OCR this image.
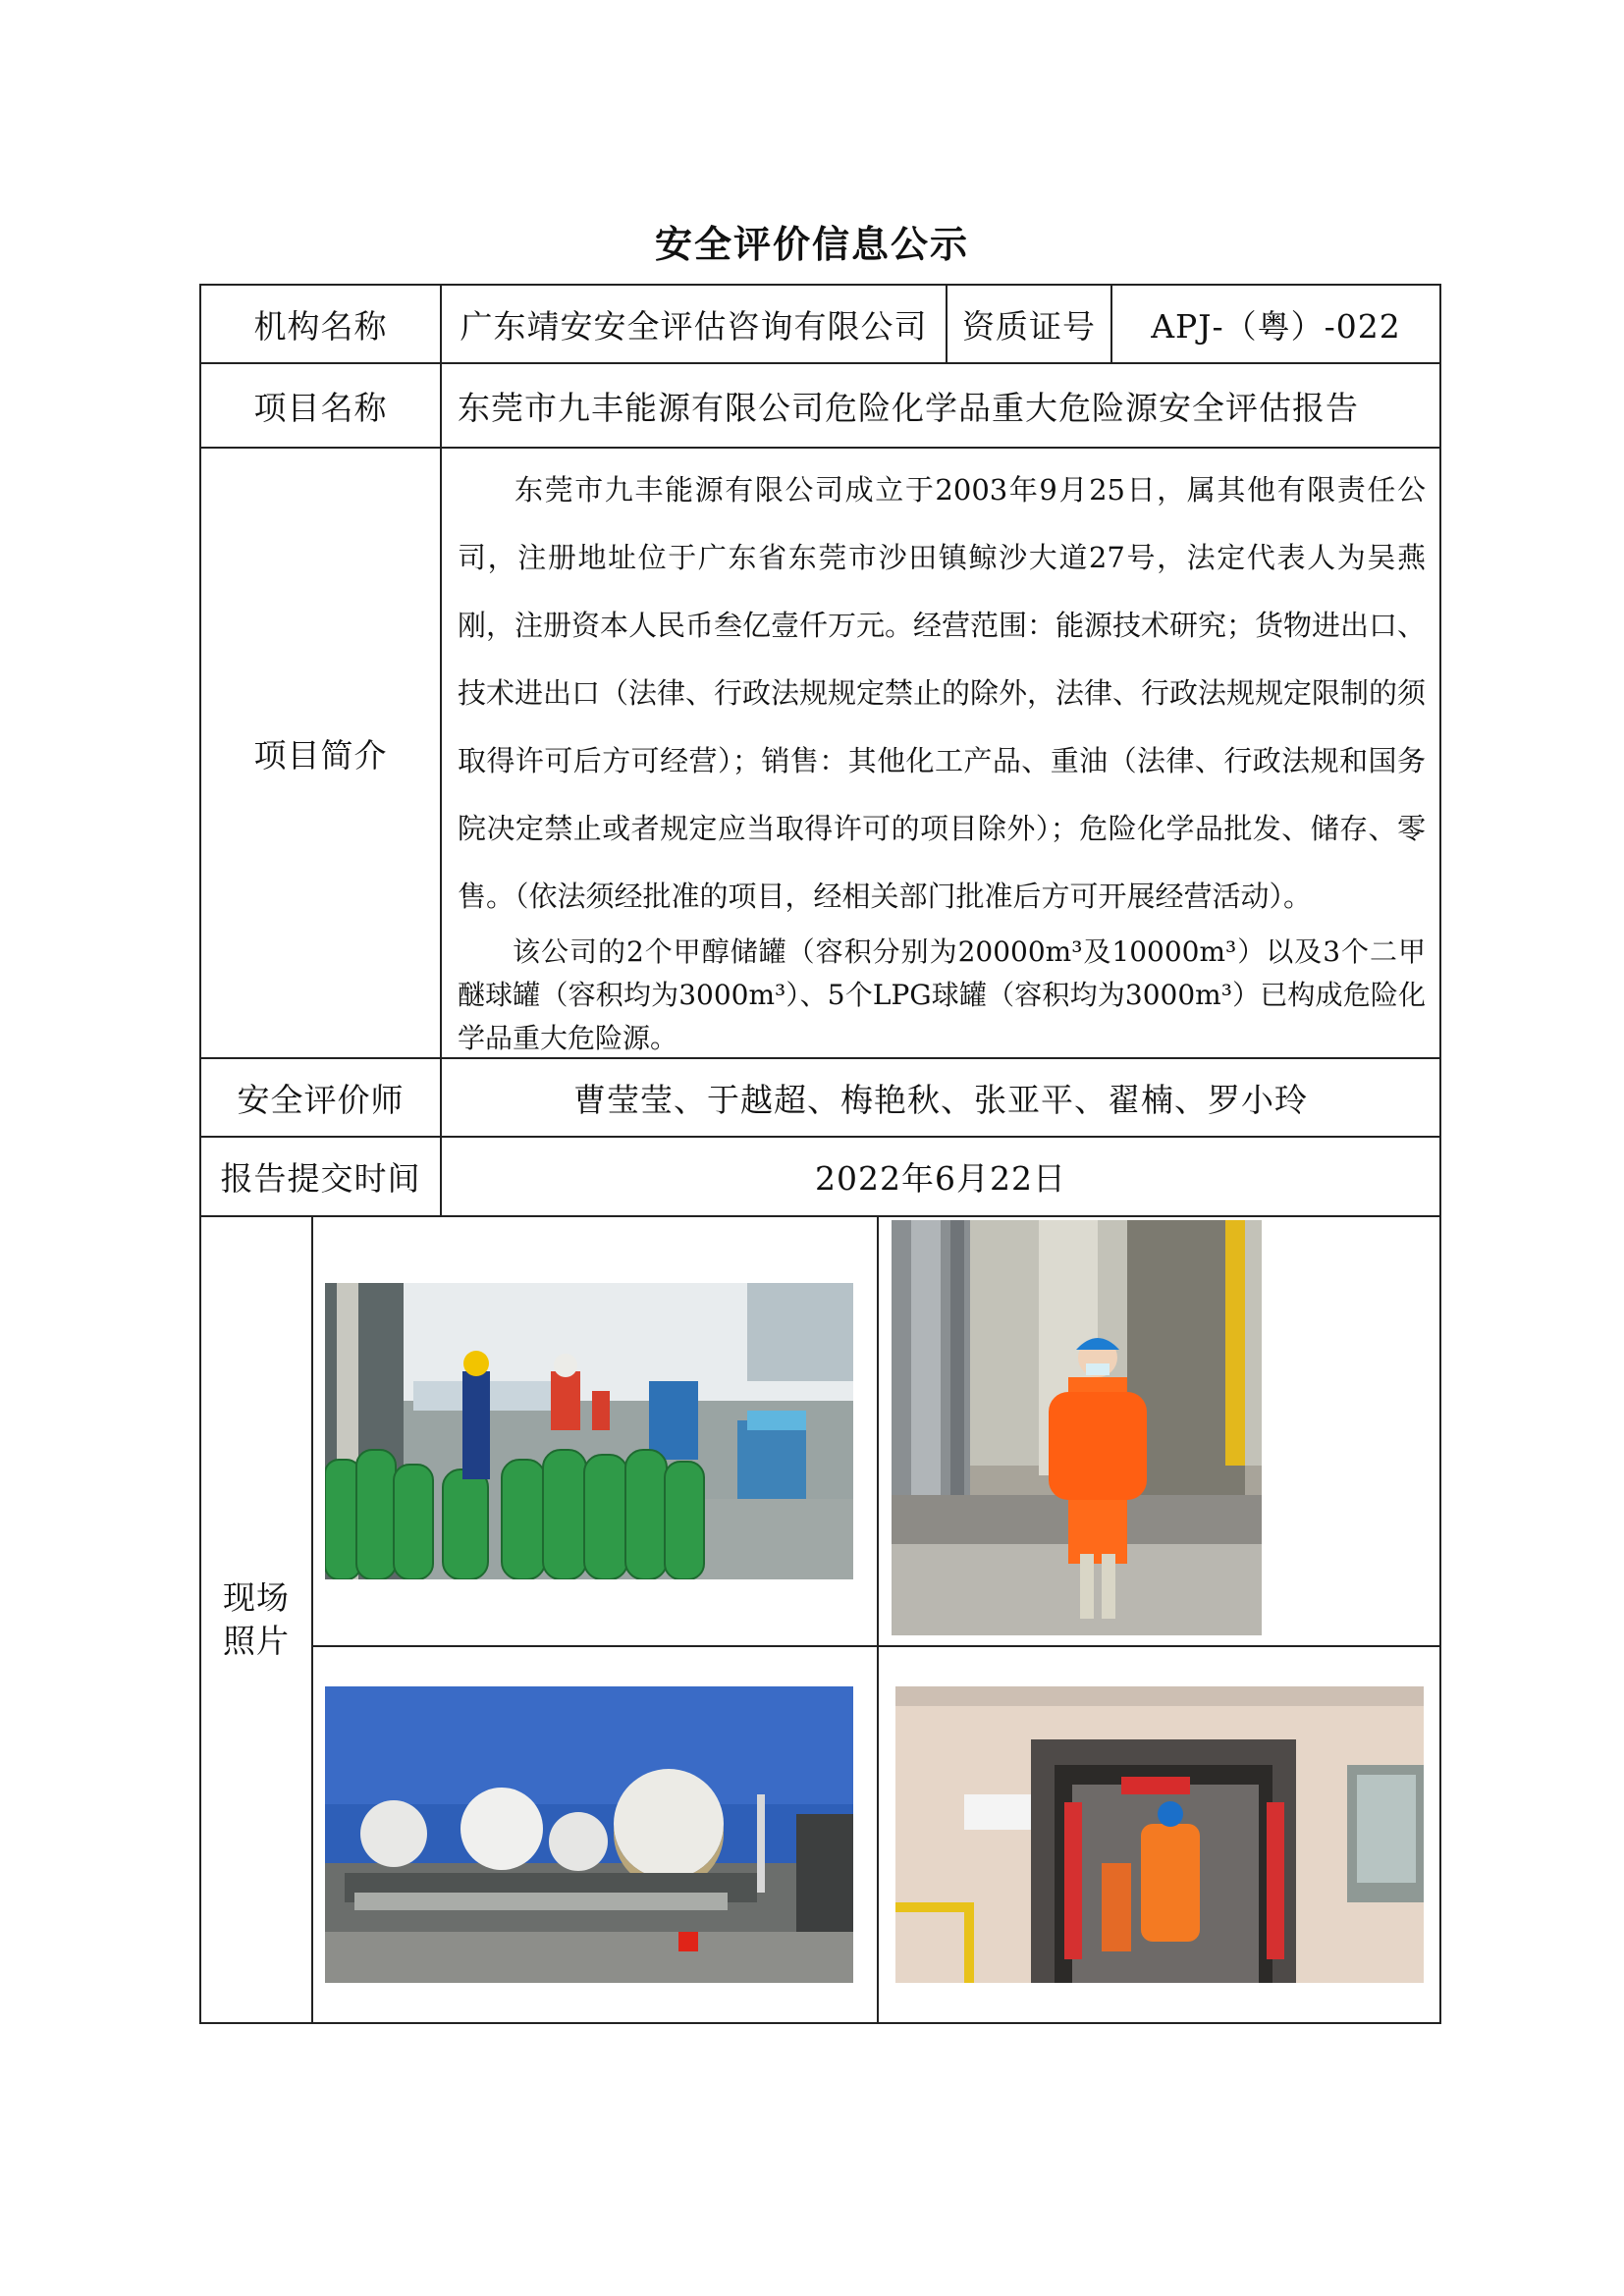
安全评价信息公示
机构名称 广东靖安安全评估咨询有限公司 资质证号 APJ-（粤）-022
项目名称 东莞市九丰能源有限公司危险化学品重大危险源安全评估报告
项目简介

东莞市九丰能源有限公司成立于2003年9月25日，属其他有限责任公司，注册地址位于广东省东莞市沙田镇鲸沙大道27号，法定代表人为吴燕刚，注册资本人民币叁亿壹仟万元。经营范围：能源技术研究；货物进出口、技术进出口（法律、行政法规规定禁止的除外，法律、行政法规规定限制的须取得许可后方可经营）；销售：其他化工产品、重油（法律、行政法规和国务院决定禁止或者规定应当取得许可的项目除外）；危险化学品批发、储存、零售。（依法须经批准的项目，经相关部门批准后方可开展经营活动）。

该公司的2个甲醇储罐（容积分别为20000m³及10000m³）以及3个二甲醚球罐（容积均为3000m³）、5个LPG球罐（容积均为3000m³）已构成危险化学品重大危险源。

安全评价师	曹莹莹、于越超、梅艳秋、张亚平、翟楠、罗小玲
报告提交时间	2022年6月22日
现场照片
